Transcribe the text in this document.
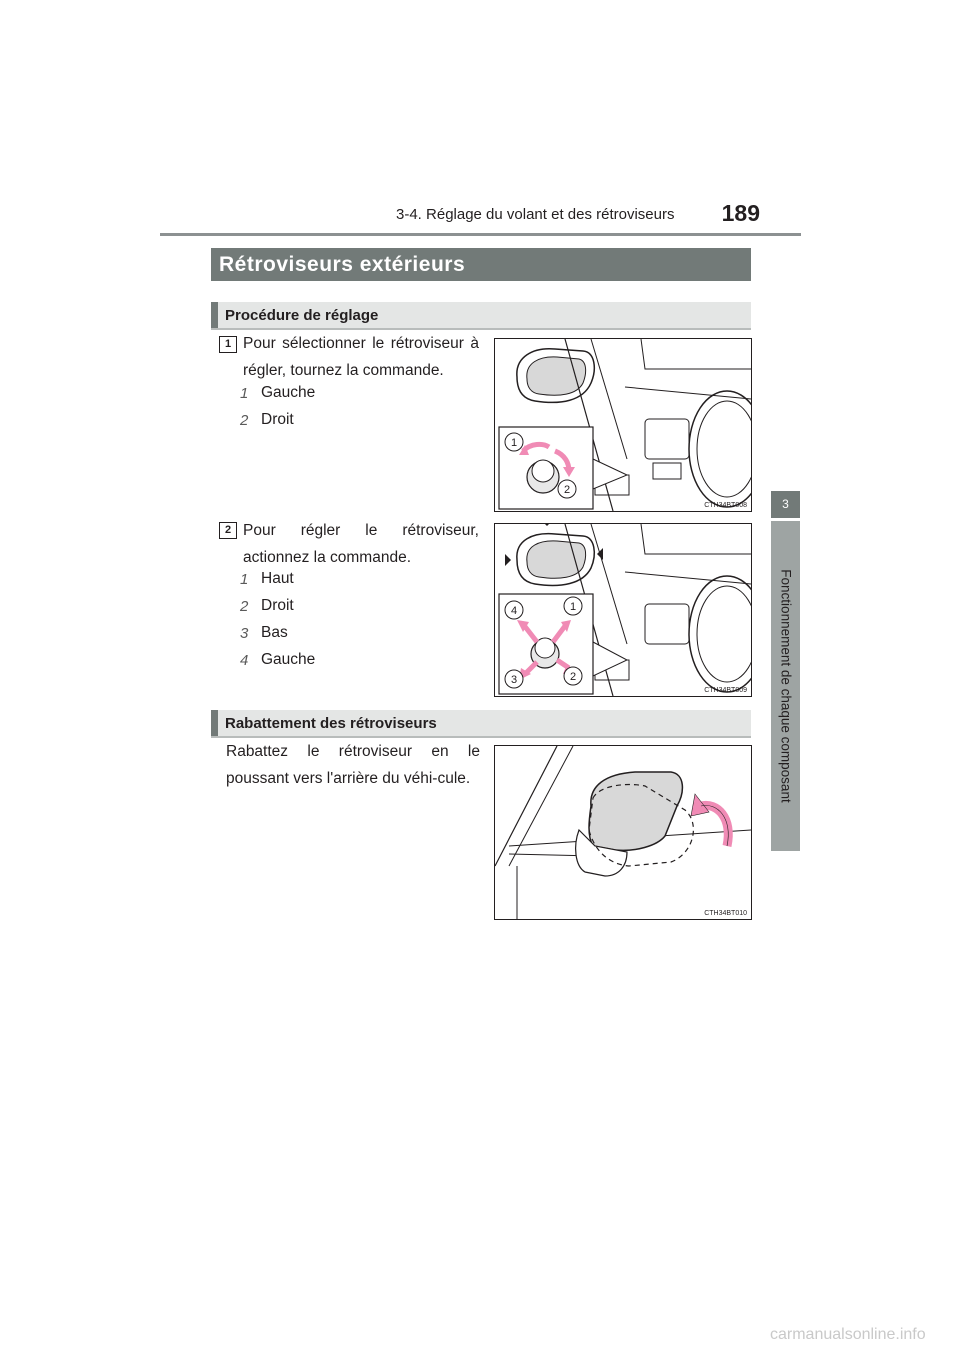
3-4. Réglage du volant et des rétroviseurs	189
3
Fonctionnement de chaque composant
Rétroviseurs extérieurs
Procédure de réglage
1 Pour sélectionner le rétroviseur à régler, tournez la commande.
1 Gauche
2 Droit
1
2
CTH34BT008
2 Pour régler le rétroviseur, actionnez la commande.
1 Haut
2 Droit
3 Bas
4 Gauche
4	1
3	2
CTH34BT009
Rabattement des rétroviseurs
Rabattez le rétroviseur en le poussant vers l'arrière du véhi-cule.
CTH34BT010
carmanualsonline.info
